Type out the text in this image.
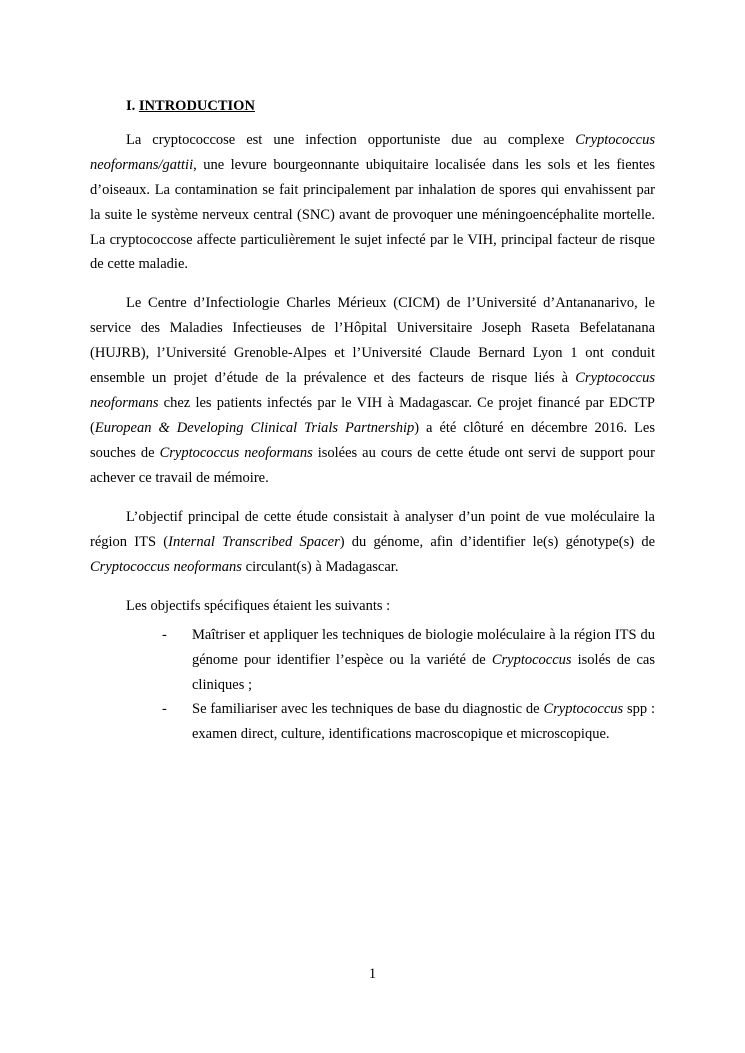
I. INTRODUCTION

La cryptococcose est une infection opportuniste due au complexe Cryptococcus neoformans/gattii, une levure bourgeonnante ubiquitaire localisée dans les sols et les fientes d’oiseaux. La contamination se fait principalement par inhalation de spores qui envahissent par la suite le système nerveux central (SNC) avant de provoquer une méningoencéphalite mortelle. La cryptococcose affecte particulièrement le sujet infecté par le VIH, principal facteur de risque de cette maladie.

Le Centre d’Infectiologie Charles Mérieux (CICM) de l’Université d’Antananarivo, le service des Maladies Infectieuses de l’Hôpital Universitaire Joseph Raseta Befelatanana (HUJRB), l’Université Grenoble-Alpes et l’Université Claude Bernard Lyon 1 ont conduit ensemble un projet d’étude de la prévalence et des facteurs de risque liés à Cryptococcus neoformans chez les patients infectés par le VIH à Madagascar. Ce projet financé par EDCTP (European & Developing Clinical Trials Partnership) a été clôturé en décembre 2016. Les souches de Cryptococcus neoformans isolées au cours de cette étude ont servi de support pour achever ce travail de mémoire.

L’objectif principal de cette étude consistait à analyser d’un point de vue moléculaire la région ITS (Internal Transcribed Spacer) du génome, afin d’identifier le(s) génotype(s) de Cryptococcus neoformans circulant(s) à Madagascar.

Les objectifs spécifiques étaient les suivants :

- Maîtriser et appliquer les techniques de biologie moléculaire à la région ITS du génome pour identifier l’espèce ou la variété de Cryptococcus isolés de cas cliniques ;
- Se familiariser avec les techniques de base du diagnostic de Cryptococcus spp : examen direct, culture, identifications macroscopique et microscopique.
1
